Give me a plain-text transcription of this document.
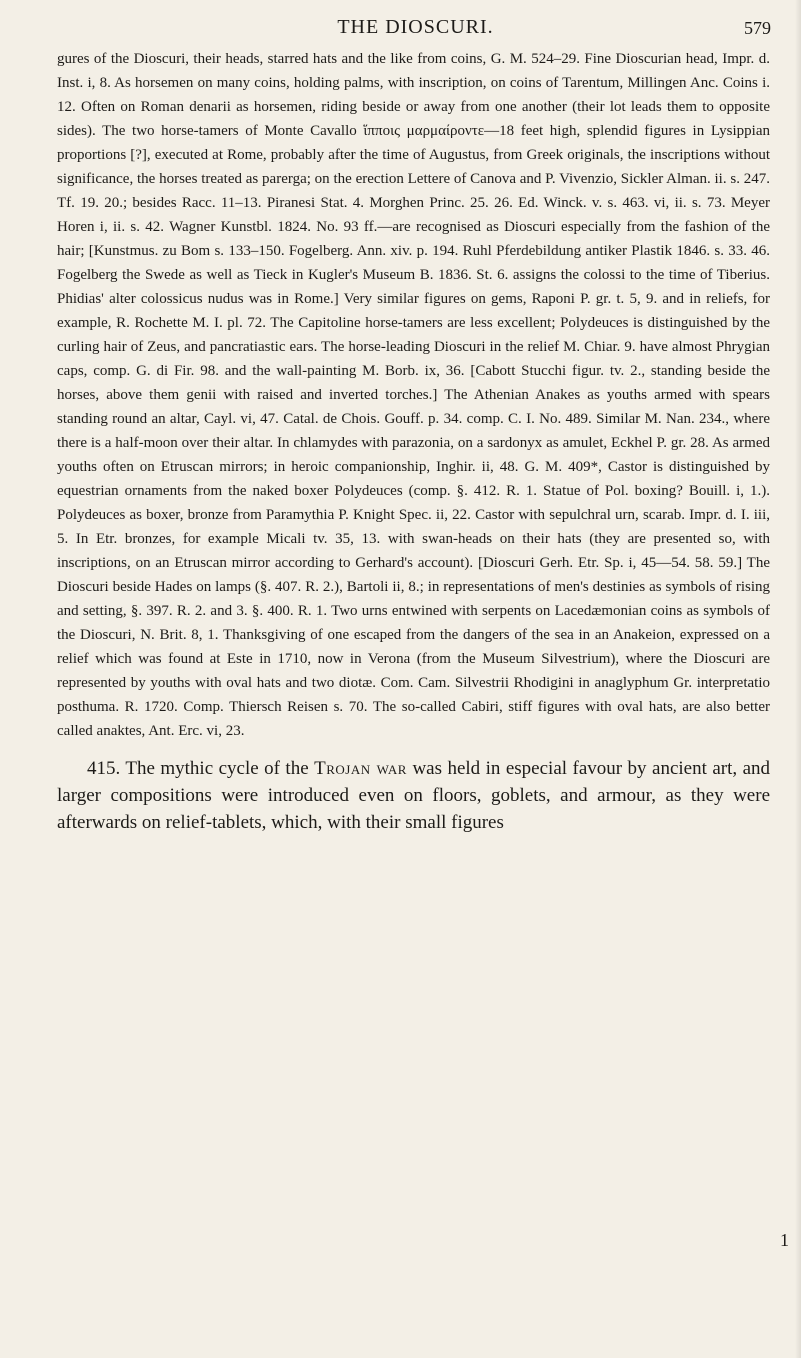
THE DIOSCURI.	579

gures of the Dioscuri, their heads, starred hats and the like from coins, G. M. 524–29. Fine Dioscurian head, Impr. d. Inst. i, 8. As horsemen on many coins, holding palms, with inscription, on coins of Tarentum, Millingen Anc. Coins i. 12. Often on Roman denarii as horsemen, riding beside or away from one another (their lot leads them to opposite sides). The two horse-tamers of Monte Cavallo ἵπποις μαρμαίροντε—18 feet high, splendid figures in Lysippian proportions [?], executed at Rome, probably after the time of Augustus, from Greek originals, the inscriptions without significance, the horses treated as parerga; on the erection Lettere of Canova and P. Vivenzio, Sickler Alman. ii. s. 247. Tf. 19. 20.; besides Racc. 11–13. Piranesi Stat. 4. Morghen Princ. 25. 26. Ed. Winck. v. s. 463. vi, ii. s. 73. Meyer Horen i, ii. s. 42. Wagner Kunstbl. 1824. No. 93 ff.—are recognised as Dioscuri especially from the fashion of the hair; [Kunstmus. zu Bom s. 133–150. Fogelberg. Ann. xiv. p. 194. Ruhl Pferdebildung antiker Plastik 1846. s. 33. 46. Fogelberg the Swede as well as Tieck in Kugler's Museum B. 1836. St. 6. assigns the colossi to the time of Tiberius. Phidias' alter colossicus nudus was in Rome.] Very similar figures on gems, Raponi P. gr. t. 5, 9. and in reliefs, for example, R. Rochette M. I. pl. 72. The Capitoline horse-tamers are less excellent; Polydeuces is distinguished by the curling hair of Zeus, and pancratiastic ears. The horse-leading Dioscuri in the relief M. Chiar. 9. have almost Phrygian caps, comp. G. di Fir. 98. and the wall-painting M. Borb. ix, 36. [Cabott Stucchi figur. tv. 2., standing beside the horses, above them genii with raised and inverted torches.] The Athenian Anakes as youths armed with spears standing round an altar, Cayl. vi, 47. Catal. de Chois. Gouff. p. 34. comp. C. I. No. 489. Similar M. Nan. 234., where there is a half-moon over their altar. In chlamydes with parazonia, on a sardonyx as amulet, Eckhel P. gr. 28. As armed youths often on Etruscan mirrors; in heroic companionship, Inghir. ii, 48. G. M. 409*, Castor is distinguished by equestrian ornaments from the naked boxer Polydeuces (comp. §. 412. R. 1. Statue of Pol. boxing? Bouill. i, 1.). Polydeuces as boxer, bronze from Paramythia P. Knight Spec. ii, 22. Castor with sepulchral urn, scarab. Impr. d. I. iii, 5. In Etr. bronzes, for example Micali tv. 35, 13. with swan-heads on their hats (they are presented so, with inscriptions, on an Etruscan mirror according to Gerhard's account). [Dioscuri Gerh. Etr. Sp. i, 45—54. 58. 59.] The Dioscuri beside Hades on lamps (§. 407. R. 2.), Bartoli ii, 8.; in representations of men's destinies as symbols of rising and setting, §. 397. R. 2. and 3. §. 400. R. 1. Two urns entwined with serpents on Lacedæmonian coins as symbols of the Dioscuri, N. Brit. 8, 1. Thanksgiving of one escaped from the dangers of the sea in an Anakeion, expressed on a relief which was found at Este in 1710, now in Verona (from the Museum Silvestrium), where the Dioscuri are represented by youths with oval hats and two diotæ. Com. Cam. Silvestrii Rhodigini in anaglyphum Gr. interpretatio posthuma. R. 1720. Comp. Thiersch Reisen s. 70. The so-called Cabiri, stiff figures with oval hats, are also better called anaktes, Ant. Erc. vi, 23.

415. The mythic cycle of the Trojan war was held in especial favour by ancient art, and larger compositions were introduced even on floors, goblets, and armour, as they were afterwards on relief-tablets, which, with their small figures

1
